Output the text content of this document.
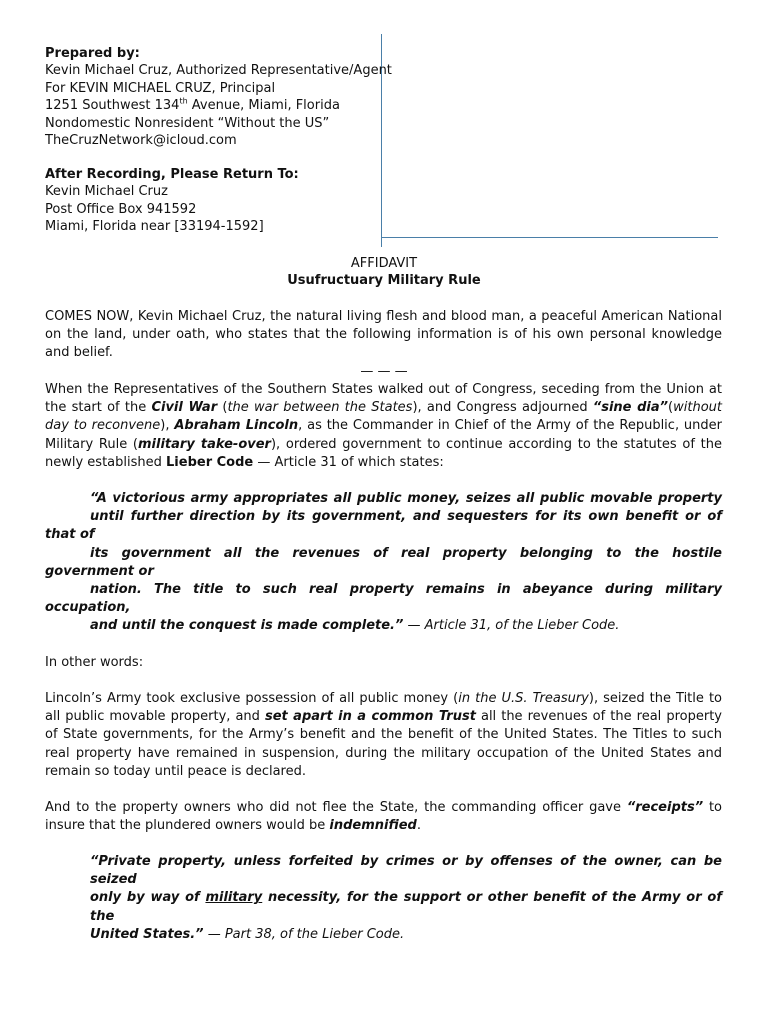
Prepared by:
Kevin Michael Cruz, Authorized Representative/Agent
For KEVIN MICHAEL CRUZ, Principal
1251 Southwest 134th Avenue, Miami, Florida
Nondomestic Nonresident “Without the US”
TheCruzNetwork@icloud.com
After Recording, Please Return To:
Kevin Michael Cruz
Post Office Box 941592
Miami, Florida near [33194-1592]
AFFIDAVIT
Usufructuary Military Rule

COMES NOW, Kevin Michael Cruz, the natural living flesh and blood man, a peaceful American National on the land, under oath, who states that the following information is of his own personal knowledge and belief.

— — —

When the Representatives of the Southern States walked out of Congress, seceding from the Union at the start of the Civil War (the war between the States), and Congress adjourned “sine dia”(without day to reconvene), Abraham Lincoln, as the Commander in Chief of the Army of the Republic, under Military Rule (military take-over), ordered government to continue according to the statutes of the newly established Lieber Code — Article 31 of which states:

“A victorious army appropriates all public money, seizes all public movable property
until further direction by its government, and sequesters for its own benefit or of
that of
its government all the revenues of real property belonging to the hostile
government or
nation. The title to such real property remains in abeyance during military
occupation,
and until the conquest is made complete.” — Article 31, of the Lieber Code.
In other words:

Lincoln’s Army took exclusive possession of all public money (in the U.S. Treasury), seized the Title to all public movable property, and set apart in a common Trust all the revenues of the real property of State governments, for the Army’s benefit and the benefit of the United States. The Titles to such real property have remained in suspension, during the military occupation of the United States and remain so today until peace is declared.

And to the property owners who did not flee the State, the commanding officer gave “receipts” to insure that the plundered owners would be indemnified.

“Private property, unless forfeited by crimes or by offenses of the owner, can be
seized
only by way of military necessity, for the support or other benefit of the Army or of
the
United States.” — Part 38, of the Lieber Code.
